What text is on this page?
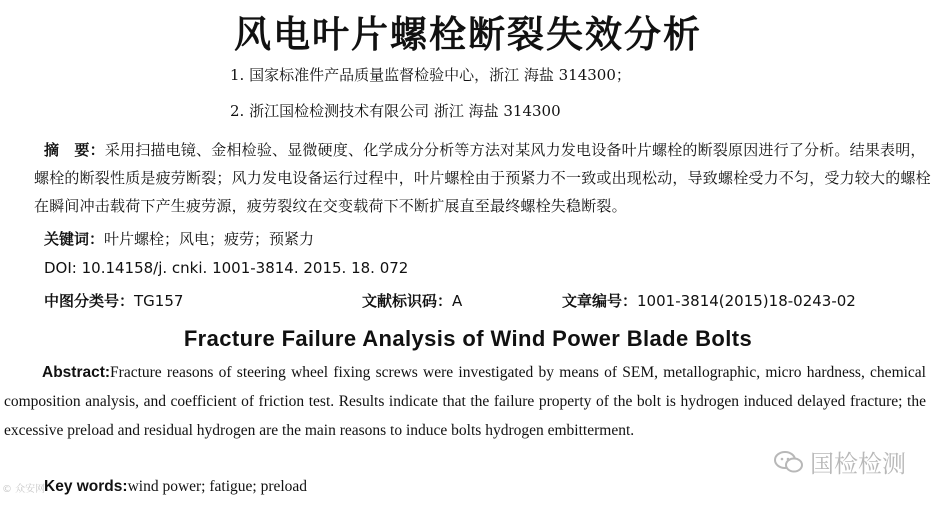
风电叶片螺栓断裂失效分析
1. 国家标准件产品质量监督检验中心，浙江 海盐 314300；
2. 浙江国检检测技术有限公司 浙江 海盐 314300
摘　要：采用扫描电镜、金相检验、显微硬度、化学成分分析等方法对某风力发电设备叶片螺栓的断裂原因进行了分析。结果表明，螺栓的断裂性质是疲劳断裂；风力发电设备运行过程中，叶片螺栓由于预紧力不一致或出现松动，导致螺栓受力不匀，受力较大的螺栓在瞬间冲击载荷下产生疲劳源，疲劳裂纹在交变载荷下不断扩展直至最终螺栓失稳断裂。
关键词：叶片螺栓；风电；疲劳；预紧力
DOI: 10.14158/j. cnki. 1001-3814. 2015. 18. 072
中图分类号：TG157	文献标识码：A	文章编号：1001-3814(2015)18-0243-02
Fracture Failure Analysis of Wind Power Blade Bolts
Abstract:Fracture reasons of steering wheel fixing screws were investigated by means of SEM, metallographic, micro hardness, chemical composition analysis, and coefficient of friction test. Results indicate that the failure property of the bolt is hydrogen induced delayed fracture; the excessive preload and residual hydrogen are the main reasons to induce bolts hydrogen embitterment.
Key words:wind power; fatigue; preload
国检检测
© 众安网
